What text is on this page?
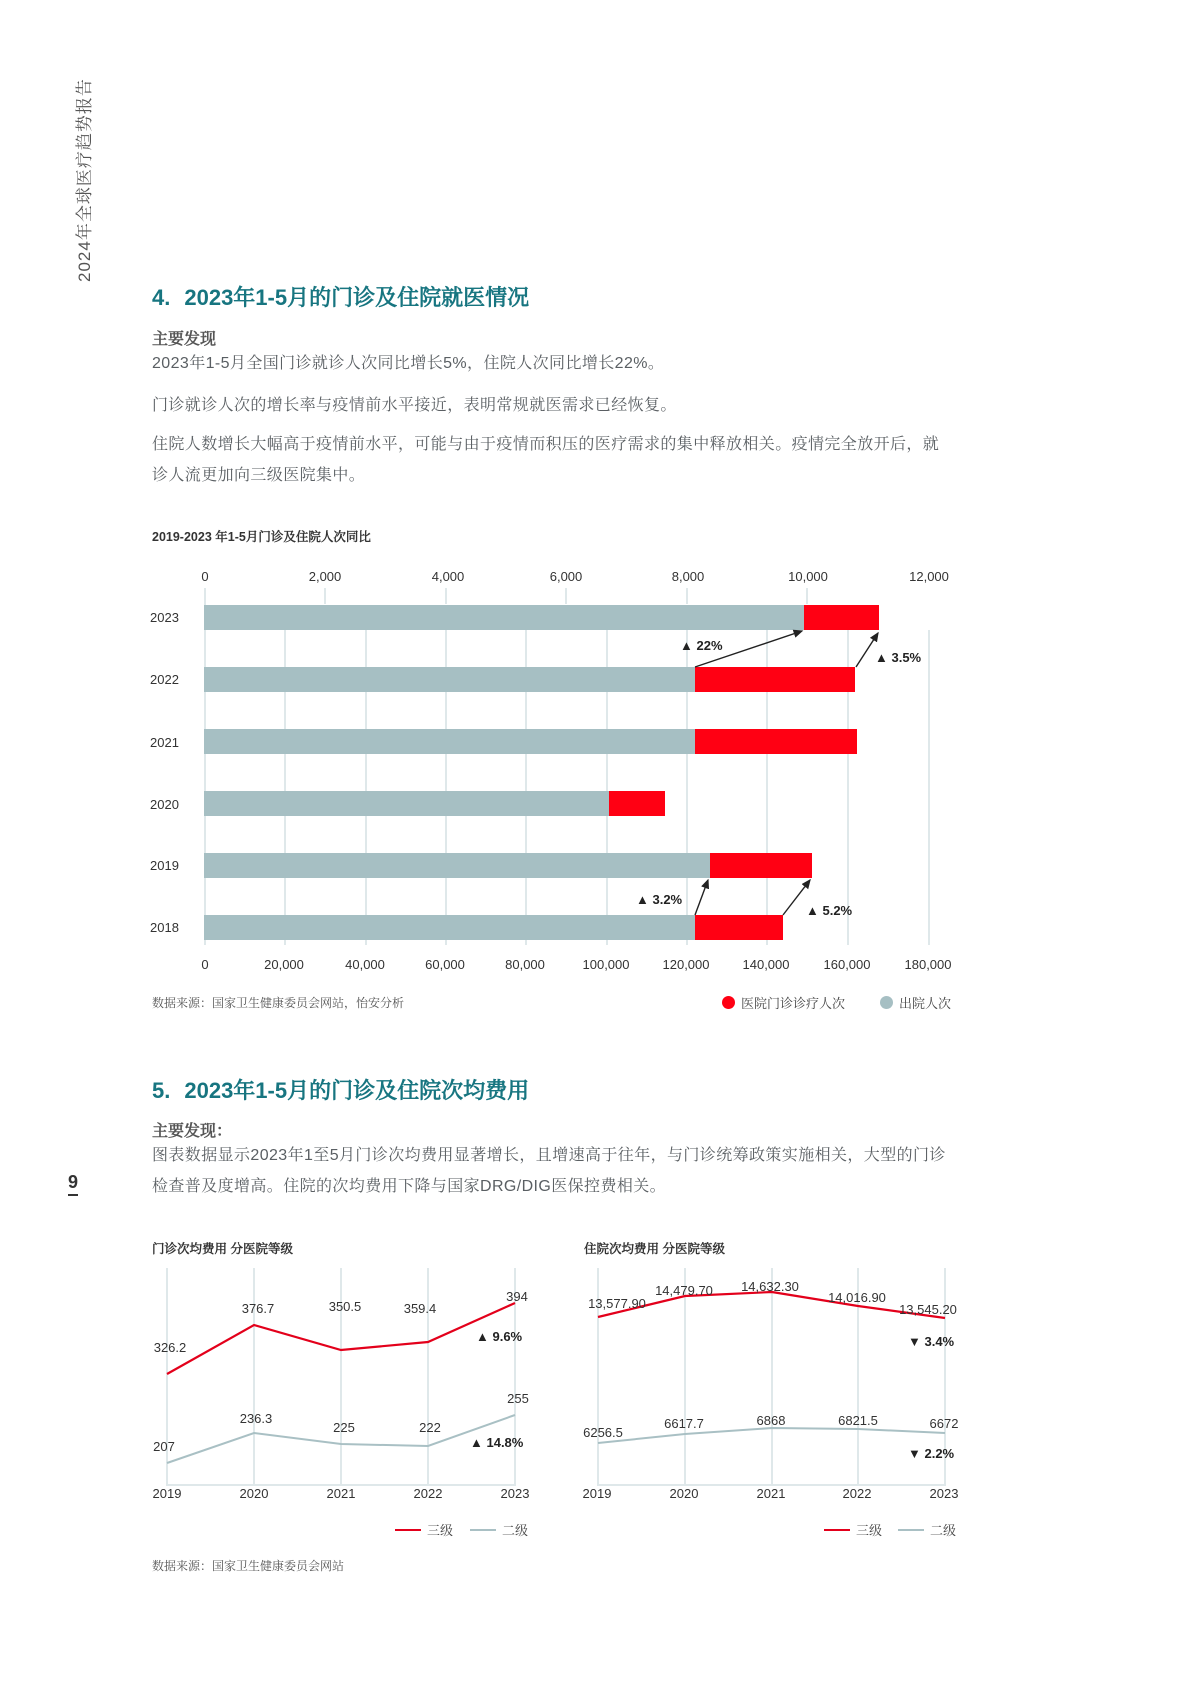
2024年全球医疗趋势报告
9
4. 2023年1-5月的门诊及住院就医情况
主要发现
2023年1-5月全国门诊就诊人次同比增长5%，住院人次同比增长22%。
门诊就诊人次的增长率与疫情前水平接近，表明常规就医需求已经恢复。
住院人数增长大幅高于疫情前水平，可能与由于疫情而积压的医疗需求的集中释放相关。疫情完全放开后，就诊人流更加向三级医院集中。
2019-2023 年1-5月门诊及住院人次同比
0	2,000	4,000	6,000	8,000	10,000	12,000
2023
2022
2021
2020
2019
2018
▲ 22%
▲ 3.5%
▲ 3.2%
▲ 5.2%
0	20,000	40,000	60,000	80,000	100,000	120,000	140,000	160,000	180,000
数据来源：国家卫生健康委员会网站，怡安分析	医院门诊诊疗人次	出院人次
5. 2023年1-5月的门诊及住院次均费用
主要发现：
图表数据显示2023年1至5月门诊次均费用显著增长，且增速高于往年，与门诊统筹政策实施相关，大型的门诊检查普及度增高。住院的次均费用下降与国家DRG/DIG医保控费相关。
门诊次均费用 分医院等级
326.2
376.7	350.5	359.4
394
▲ 9.6%
207
236.3
225	222
255
▲ 14.8%
2019	2020	2021	2022	2023
三级	二级
住院次均费用 分医院等级
13,577.90
14,479.70 14,632.30
14,016.90
13,545.20
▼ 3.4%
6256.5
6617.7	6868	6821.5	6672
▼ 2.2%
2019	2020	2021	2022	2023
三级	二级
数据来源：国家卫生健康委员会网站
